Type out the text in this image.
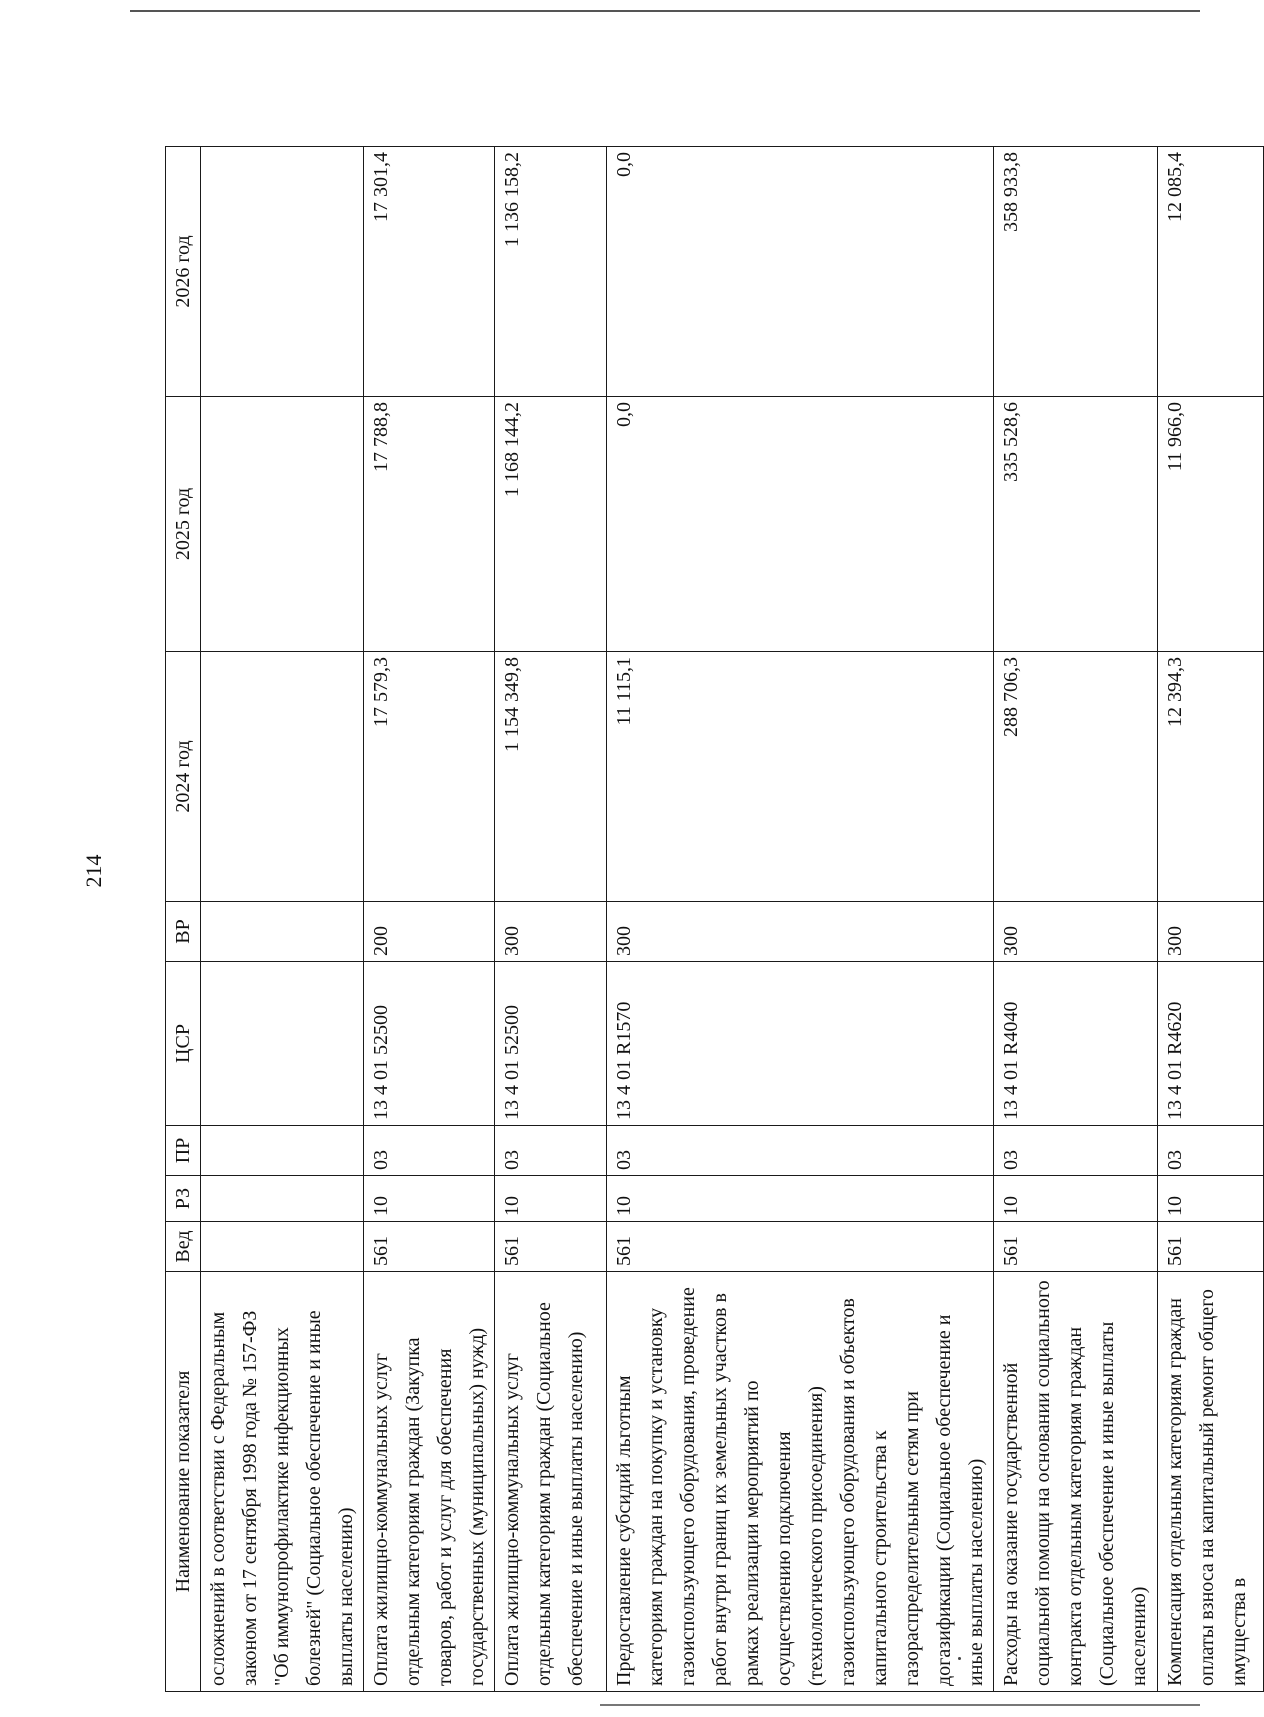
214
Наименование показателя	Вед	РЗ	ПР	ЦСР	ВР	2024 год	2025 год	2026 год
осложнений в соответствии с Федеральным законом от 17 сентября 1998 года № 157-ФЗ "Об иммунопрофилактике инфекционных болезней" (Социальное обеспечение и иные выплаты населению)								
Оплата жилищно-коммунальных услуг отдельным категориям граждан (Закупка товаров, работ и услуг для обеспечения государственных (муниципальных) нужд)	561	10	03	13 4 01 52500	200	17 579,3	17 788,8	17 301,4
Оплата жилищно-коммунальных услуг отдельным категориям граждан (Социальное обеспечение и иные выплаты населению)	561	10	03	13 4 01 52500	300	1 154 349,8	1 168 144,2	1 136 158,2
Предоставление субсидий льготным категориям граждан на покупку и установку газоиспользующего оборудования, проведение работ внутри границ их земельных участков в рамках реализации мероприятий по осуществлению подключения (технологического присоединения) газоиспользующего оборудования и объектов капитального строительства к газораспределительным сетям при догазификации (Социальное обеспечение и иные выплаты населению)	561	10	03	13 4 01 R1570	300	11 115,1	0,0	0,0
Расходы на оказание государственной социальной помощи на основании социального контракта отдельным категориям граждан (Социальное обеспечение и иные выплаты населению)	561	10	03	13 4 01 R4040	300	288 706,3	335 528,6	358 933,8
Компенсация отдельным категориям граждан оплаты взноса на капитальный ремонт общего имущества в	561	10	03	13 4 01 R4620	300	12 394,3	11 966,0	12 085,4
